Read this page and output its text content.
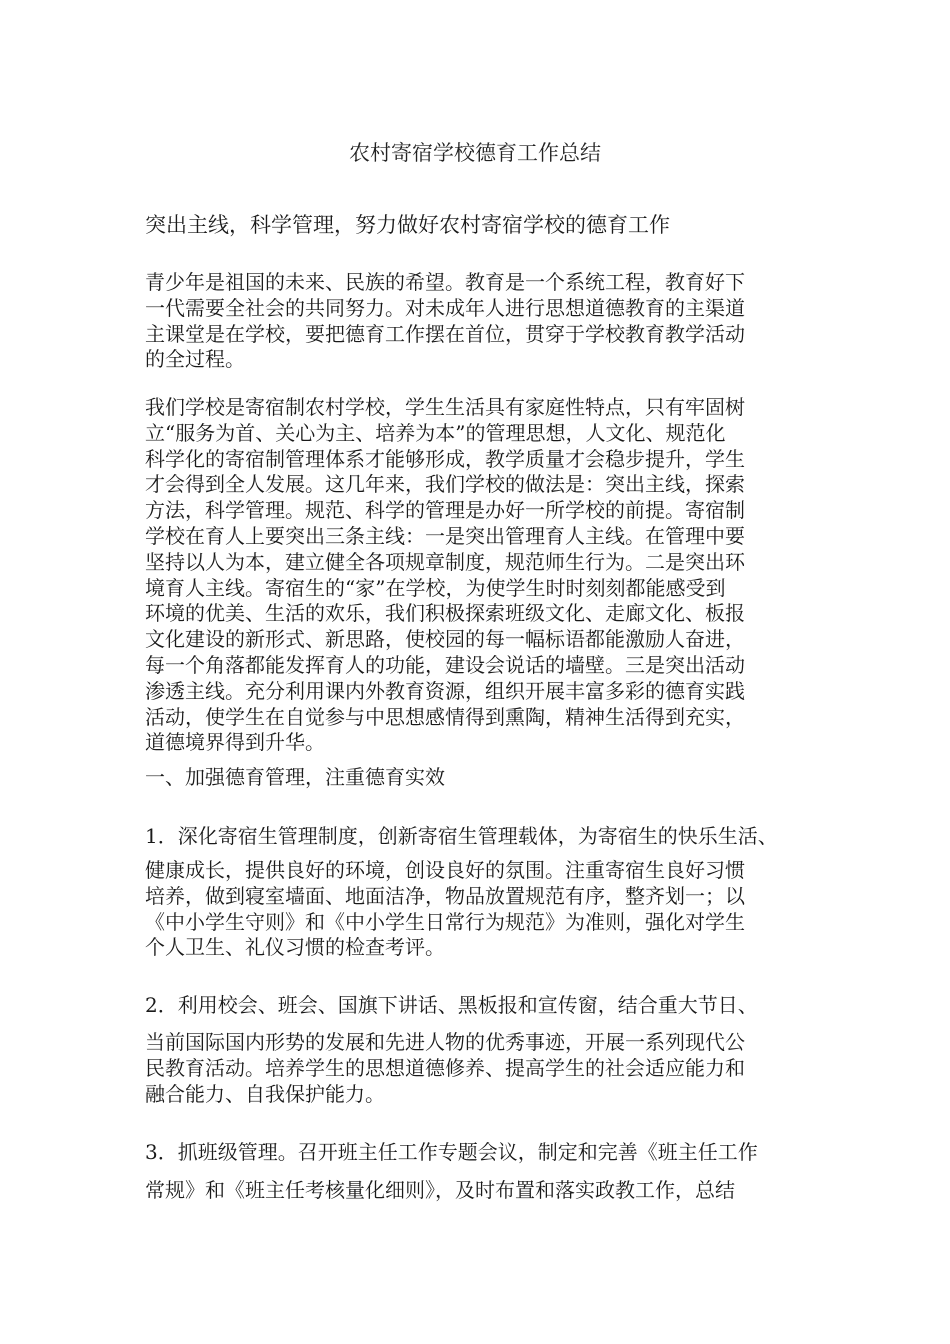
农村寄宿学校德育工作总结
突出主线，科学管理，努力做好农村寄宿学校的德育工作

青少年是祖国的未来、民族的希望。教育是一个系统工程，教育好下
一代需要全社会的共同努力。对未成年人进行思想道德教育的主渠道
主课堂是在学校，要把德育工作摆在首位，贯穿于学校教育教学活动
的全过程。

我们学校是寄宿制农村学校，学生生活具有家庭性特点，只有牢固树
立“服务为首、关心为主、培养为本”的管理思想，人文化、规范化
科学化的寄宿制管理体系才能够形成，教学质量才会稳步提升，学生
才会得到全人发展。这几年来，我们学校的做法是：突出主线，探索
方法，科学管理。规范、科学的管理是办好一所学校的前提。寄宿制
学校在育人上要突出三条主线：一是突出管理育人主线。在管理中要
坚持以人为本，建立健全各项规章制度，规范师生行为。二是突出环
境育人主线。寄宿生的“家”在学校，为使学生时时刻刻都能感受到
环境的优美、生活的欢乐，我们积极探索班级文化、走廊文化、板报
文化建设的新形式、新思路，使校园的每一幅标语都能激励人奋进，
每一个角落都能发挥育人的功能，建设会说话的墙壁。三是突出活动
渗透主线。充分利用课内外教育资源，组织开展丰富多彩的德育实践
活动，使学生在自觉参与中思想感情得到熏陶，精神生活得到充实，
道德境界得到升华。

一、加强德育管理，注重德育实效

1．深化寄宿生管理制度，创新寄宿生管理载体，为寄宿生的快乐生活、

健康成长，提供良好的环境，创设良好的氛围。注重寄宿生良好习惯
培养，做到寝室墙面、地面洁净，物品放置规范有序，整齐划一；以
《中小学生守则》和《中小学生日常行为规范》为准则，强化对学生
个人卫生、礼仪习惯的检查考评。

2．利用校会、班会、国旗下讲话、黑板报和宣传窗，结合重大节日、

当前国际国内形势的发展和先进人物的优秀事迹，开展一系列现代公
民教育活动。培养学生的思想道德修养、提高学生的社会适应能力和
融合能力、自我保护能力。

3．抓班级管理。召开班主任工作专题会议，制定和完善《班主任工作

常规》和《班主任考核量化细则》，及时布置和落实政教工作，总结
